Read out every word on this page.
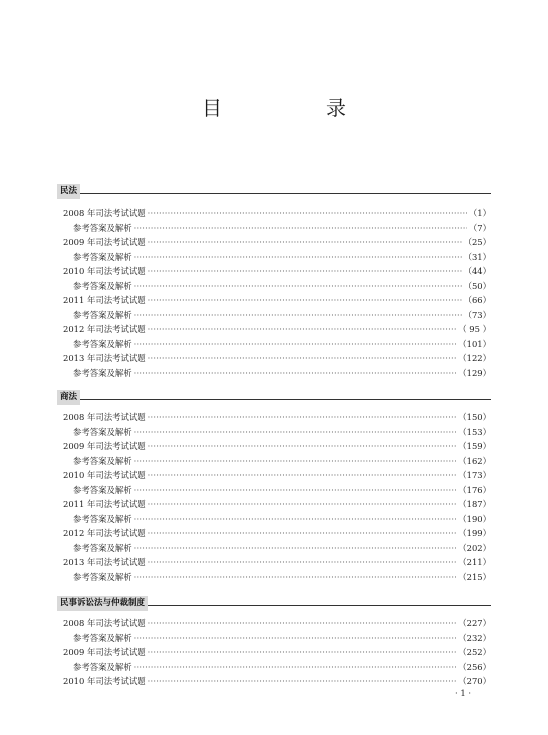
目　录
民法
2008 年司法考试试题 ·····	（1）
参考答案及解析 ·····	（7）
2009 年司法考试试题 ·····	（25）
参考答案及解析 ·····	（31）
2010 年司法考试试题 ·····	（44）
参考答案及解析 ·····	（50）
2011 年司法考试试题 ·····	（66）
参考答案及解析 ·····	（73）
2012 年司法考试试题 ·····	（ 95 ）
参考答案及解析 ·····	（101）
2013 年司法考试试题 ·····	（122）
参考答案及解析 ·····	（129）
商法
2008 年司法考试试题 ·····	（150）
参考答案及解析 ·····	（153）
2009 年司法考试试题 ·····	（159）
参考答案及解析 ·····	（162）
2010 年司法考试试题 ·····	（173）
参考答案及解析 ·····	（176）
2011 年司法考试试题 ·····	（187）
参考答案及解析 ·····	（190）
2012 年司法考试试题 ·····	（199）
参考答案及解析 ·····	（202）
2013 年司法考试试题 ·····	（211）
参考答案及解析 ·····	（215）
民事诉讼法与仲裁制度
2008 年司法考试试题 ·····	（227）
参考答案及解析 ·····	（232）
2009 年司法考试试题 ·····	（252）
参考答案及解析 ·····	（256）
2010 年司法考试试题 ·····	（270）
· 1 ·
